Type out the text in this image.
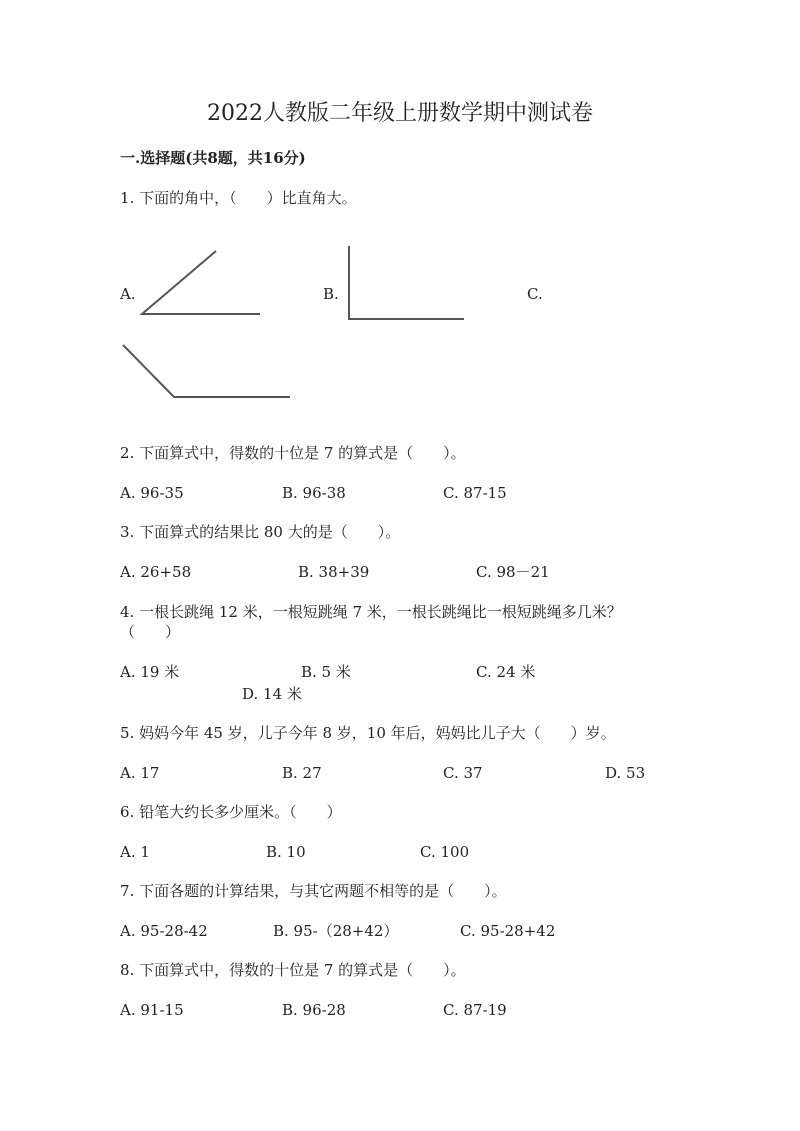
2022人教版二年级上册数学期中测试卷
一.选择题(共8题，共16分)
1. 下面的角中，（　　）比直角大。
A.	B.	C.
2. 下面算式中，得数的十位是 7 的算式是（　　）。
A. 96-35	B. 96-38	C. 87-15
3. 下面算式的结果比 80 大的是（　　）。
A. 26+58	B. 38+39	C. 98－21
4. 一根长跳绳 12 米，一根短跳绳 7 米，一根长跳绳比一根短跳绳多几米？
（　　）
A. 19 米	B. 5 米	C. 24 米
D. 14 米
5. 妈妈今年 45 岁，儿子今年 8 岁，10 年后，妈妈比儿子大（　　）岁。
A. 17	B. 27	C. 37	D. 53
6. 铅笔大约长多少厘米。（　　）
A. 1	B. 10	C. 100
7. 下面各题的计算结果，与其它两题不相等的是（　　）。
A. 95-28-42	B. 95-（28+42）	C. 95-28+42
8. 下面算式中，得数的十位是 7 的算式是（　　）。
A. 91-15	B. 96-28	C. 87-19
